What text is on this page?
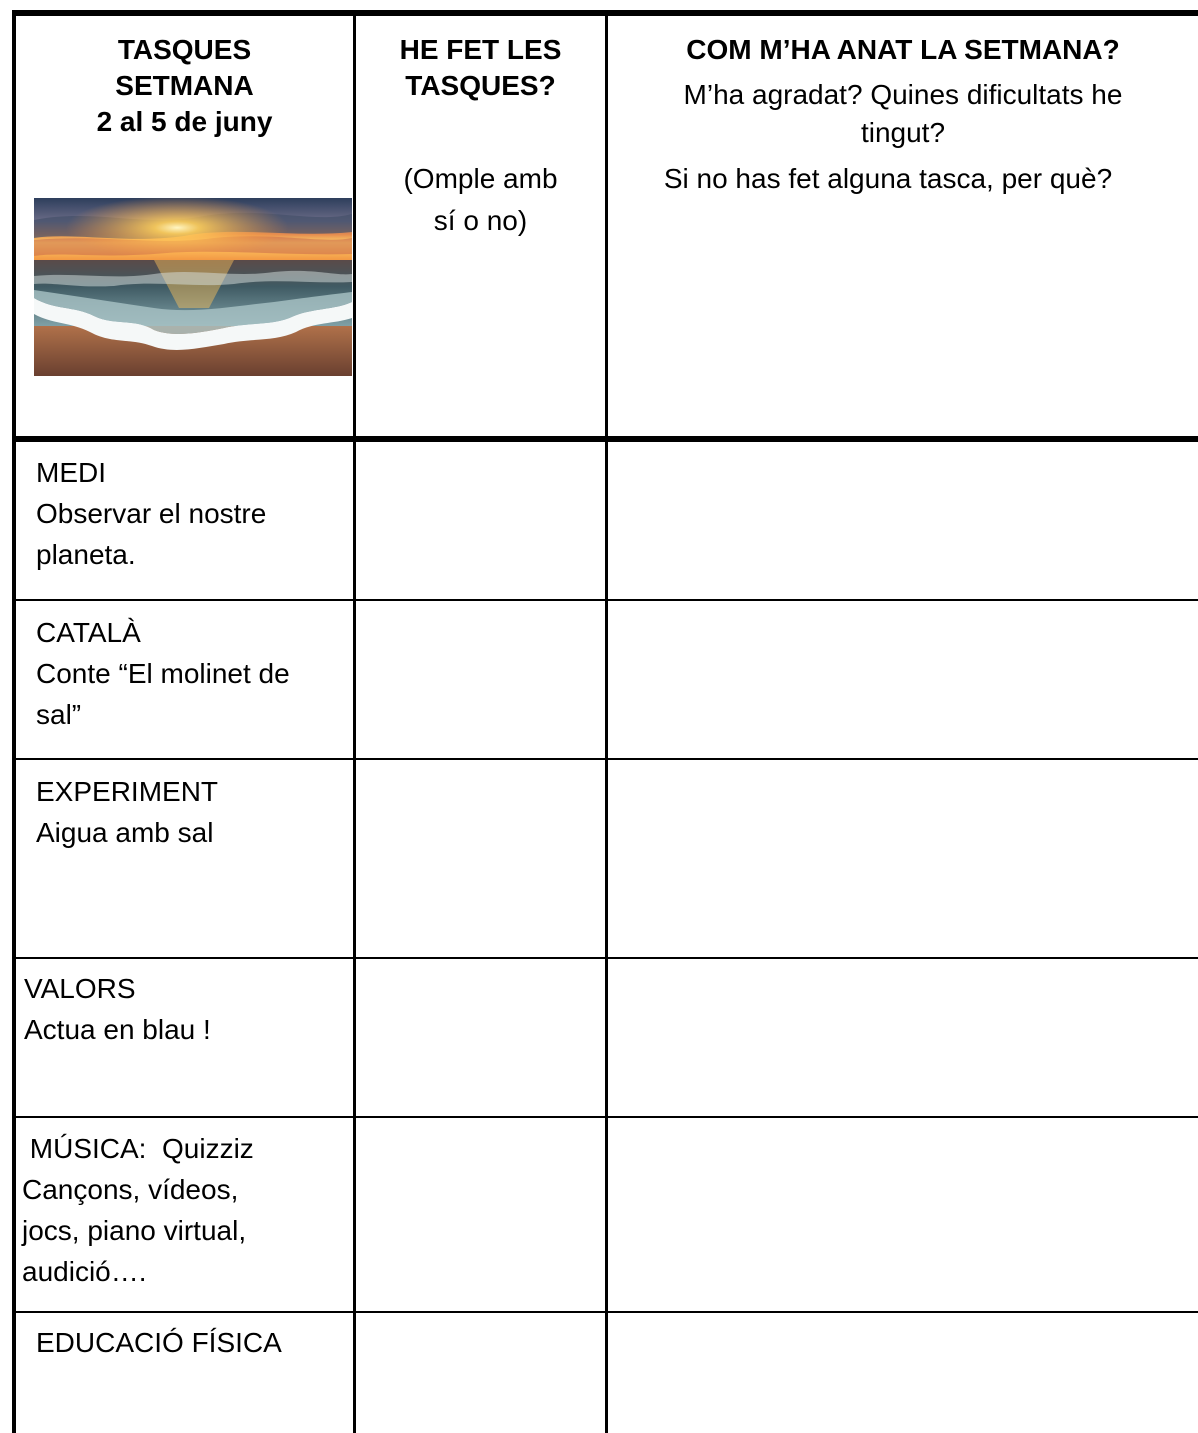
TASQUES
SETMANA
2 al 5 de juny
HE FET LES
TASQUES?
(Omple amb
sí o no)
COM M’HA ANAT LA SETMANA?
M’ha agradat? Quines dificultats he
tingut?
Si no has fet alguna tasca, per què?
MEDI
Observar el nostre
planeta.
CATALÀ
Conte “El molinet de
sal”
EXPERIMENT
Aigua amb sal
VALORS
Actua en blau !
MÚSICA:  Quizziz
Cançons, vídeos,
jocs, piano virtual,
audició….
EDUCACIÓ FÍSICA
